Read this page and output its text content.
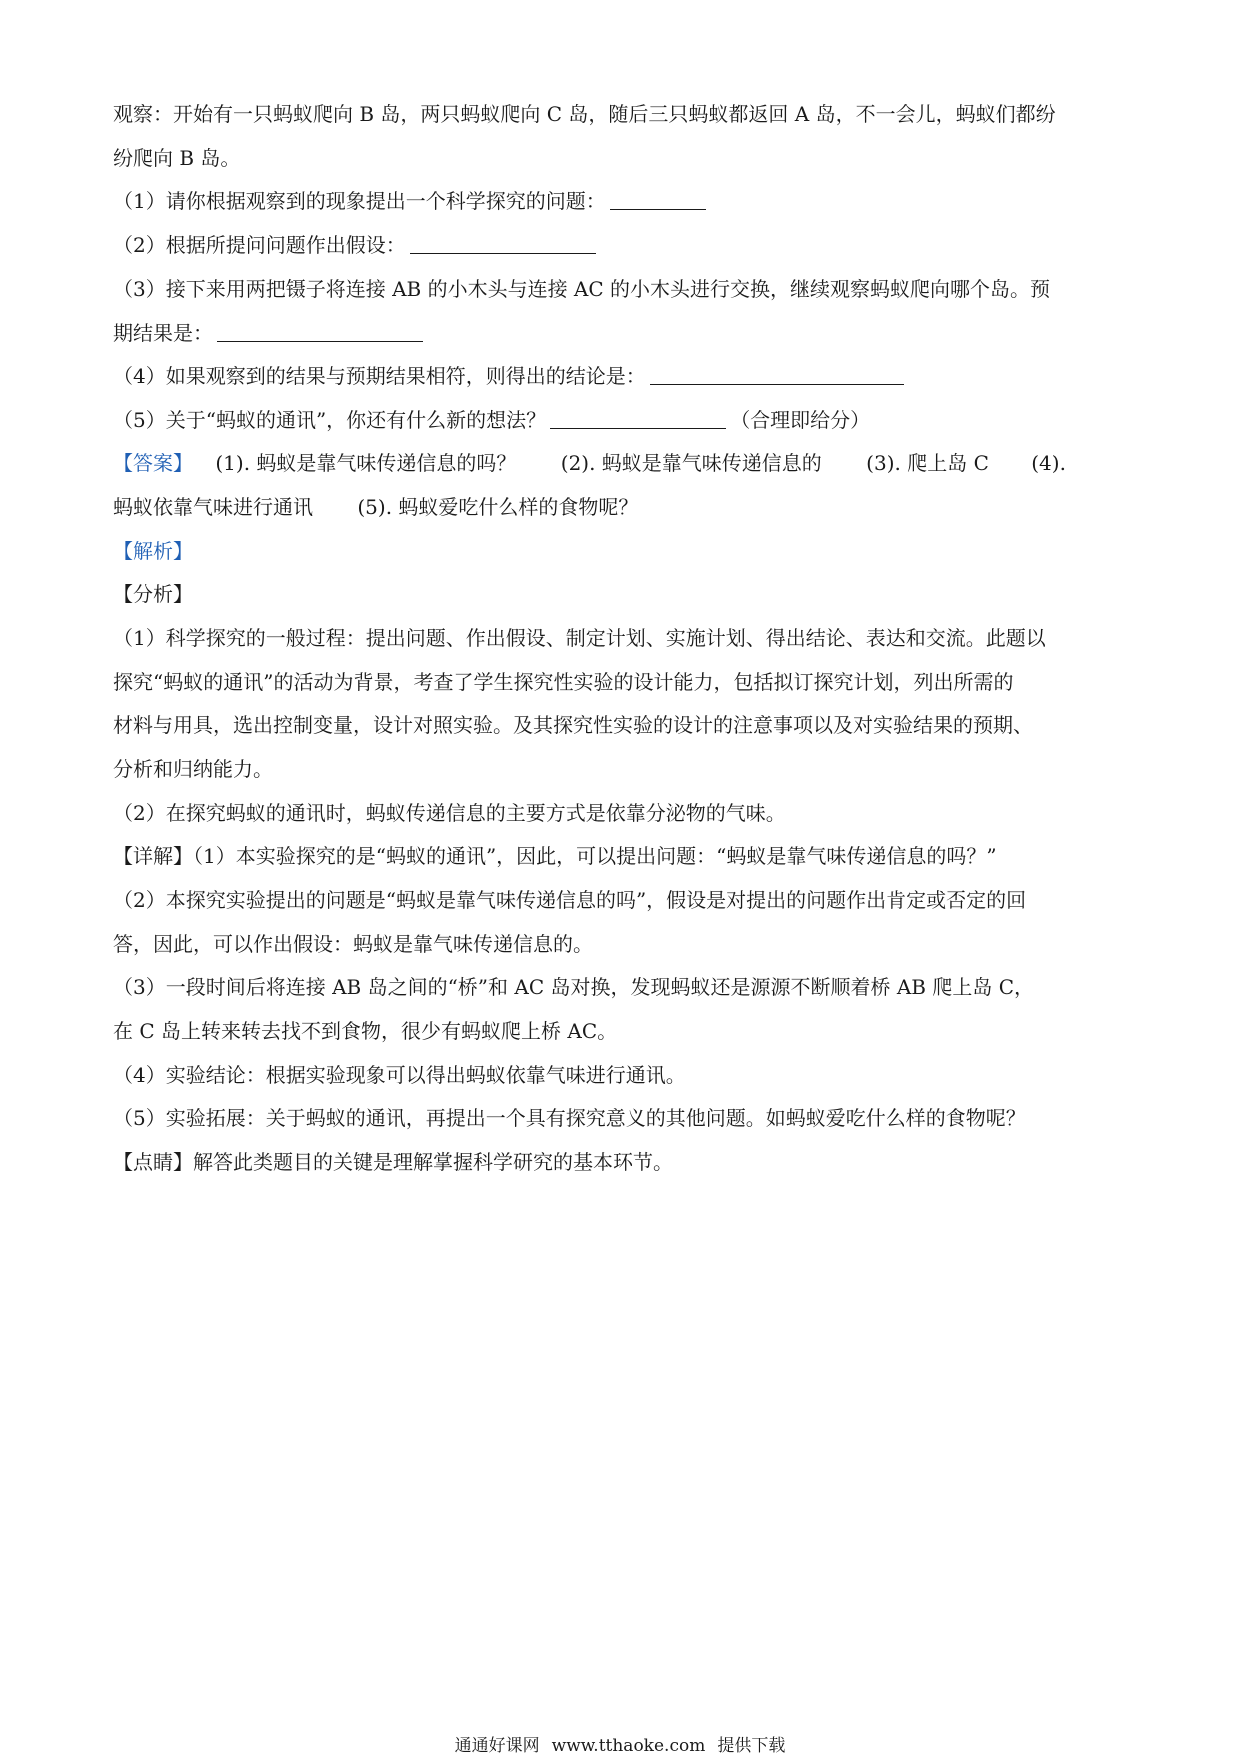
观察：开始有一只蚂蚁爬向 B 岛，两只蚂蚁爬向 C 岛，随后三只蚂蚁都返回 A 岛，不一会儿，蚂蚁们都纷
纷爬向 B 岛。
（1）请你根据观察到的现象提出一个科学探究的问题：
（2）根据所提问问题作出假设：
（3）接下来用两把镊子将连接 AB 的小木头与连接 AC 的小木头进行交换，继续观察蚂蚁爬向哪个岛。预
期结果是：
（4）如果观察到的结果与预期结果相符，则得出的结论是：
（5）关于“蚂蚁的通讯”，你还有什么新的想法？	（合理即给分）
【答案】 (1). 蚂蚁是靠气味传递信息的吗？ (2). 蚂蚁是靠气味传递信息的 (3). 爬上岛 C (4).
蚂蚁依靠气味进行通讯 (5). 蚂蚁爱吃什么样的食物呢？
【解析】
【分析】
（1）科学探究的一般过程：提出问题、作出假设、制定计划、实施计划、得出结论、表达和交流。此题以
探究“蚂蚁的通讯”的活动为背景，考查了学生探究性实验的设计能力，包括拟订探究计划，列出所需的
材料与用具，选出控制变量，设计对照实验。及其探究性实验的设计的注意事项以及对实验结果的预期、
分析和归纳能力。
（2）在探究蚂蚁的通讯时，蚂蚁传递信息的主要方式是依靠分泌物的气味。
【详解】（1）本实验探究的是“蚂蚁的通讯”，因此，可以提出问题：“蚂蚁是靠气味传递信息的吗？”
（2）本探究实验提出的问题是“蚂蚁是靠气味传递信息的吗”，假设是对提出的问题作出肯定或否定的回
答，因此，可以作出假设：蚂蚁是靠气味传递信息的。
（3）一段时间后将连接 AB 岛之间的“桥”和 AC 岛对换，发现蚂蚁还是源源不断顺着桥 AB 爬上岛 C，
在 C 岛上转来转去找不到食物，很少有蚂蚁爬上桥 AC。
（4）实验结论：根据实验现象可以得出蚂蚁依靠气味进行通讯。
（5）实验拓展：关于蚂蚁的通讯，再提出一个具有探究意义的其他问题。如蚂蚁爱吃什么样的食物呢？
【点睛】解答此类题目的关键是理解掌握科学研究的基本环节。
通通好课网 www.tthaoke.com 提供下载
